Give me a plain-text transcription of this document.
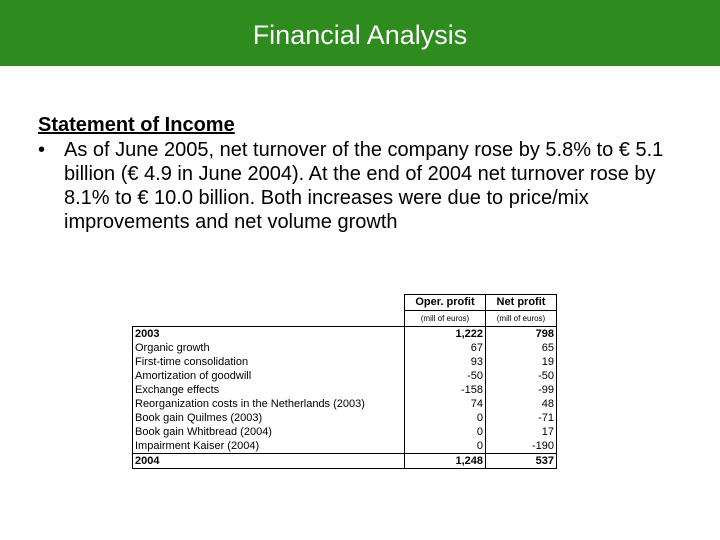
Financial Analysis
Statement of Income
• As of June 2005, net turnover of the company rose by 5.8% to € 5.1 billion (€ 4.9 in June 2004). At the end of 2004 net turnover rose by 8.1% to € 10.0 billion. Both increases were due to price/mix improvements and net volume growth
	Oper. profit	Net profit
	(mill of euros)	(mill of euros)
2003	1,222	798
Organic growth	67	65
First-time consolidation	93	19
Amortization of goodwill	-50	-50
Exchange effects	-158	-99
Reorganization costs in the Netherlands (2003)	74	48
Book gain Quilmes (2003)	0	-71
Book gain Whitbread (2004)	0	17
Impairment Kaiser (2004)	0	-190
2004	1,248	537
